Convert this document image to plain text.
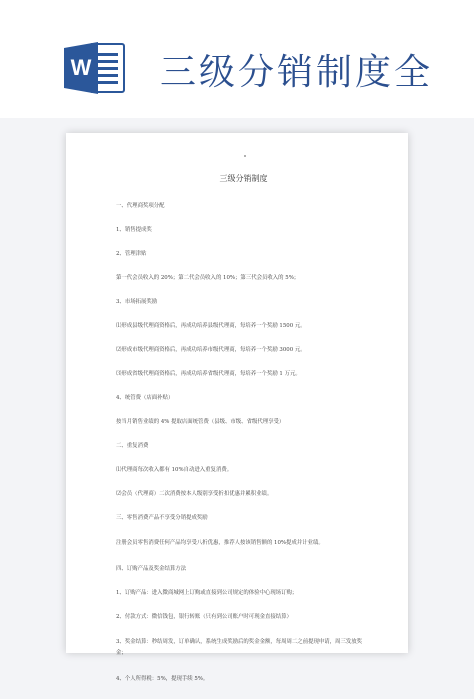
W 三级分销制度全
三级分销制度
一、代理商奖项分配
1、销售提成奖
2、管理津贴
第一代会员收入的 20%；第二代会员收入的 10%；第三代会员收入的 5%；
3、市场拓展奖励
⑴形成县级代理商资格后，再成功培养县级代理商，每培养一个奖励 1500 元。
⑵形成市级代理商资格后，再成功培养市级代理商，每培养一个奖励 3000 元。
⑶形成省级代理商资格后，再成功培养省级代理商，每培养一个奖励 1 万元。
4、统管费（店面补贴）
按当月销售业绩的 4% 提取店面统管费（县级、市级、省级代理享受）
二、重复消费
⑴代理商每次收入都有 10%自动进入重复消费。
⑵会员（代理商）二次消费按本人级别享受折扣优惠并累积业绩。
三、零售消费产品不享受分销提成奖励
注册会员零售消费任何产品均享受八折优惠，推荐人按该销售额的 10%提成并计业绩。
四、订购产品及奖金结算方法
1、订购产品：进入微商城网上订购或直接到公司规定的体验中心现场订购；
2、付款方式：微信钱包，银行转账（只有到公司账户时可现金直接结算）
3、奖金结算：秒结周发，订单确认，系统生成奖励后的奖金金额，每周周二之前提现申请，周三发放奖金；
4、个人所得税：5%，提现手续 5%。
